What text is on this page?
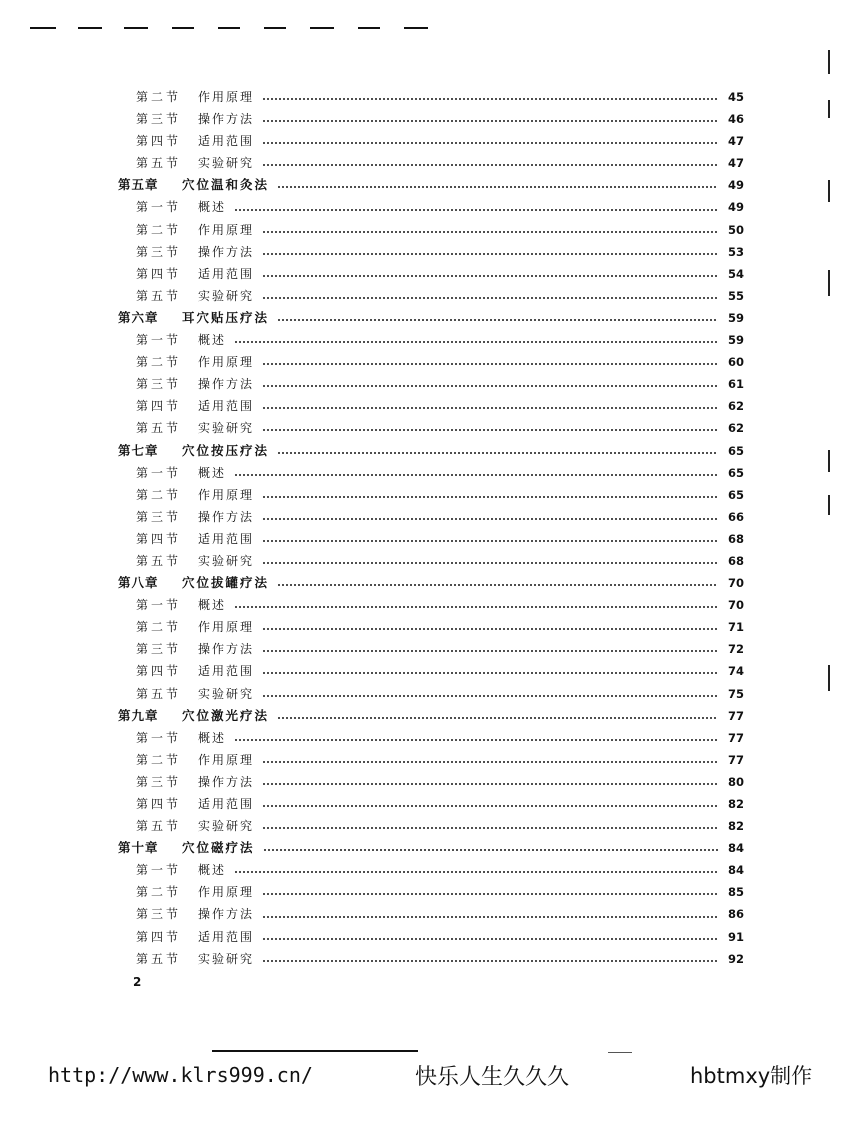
第二节	作用原理	45
第三节	操作方法	46
第四节	适用范围	47
第五节	实验研究	47
第五章	穴位温和灸法	49
第一节	概述	49
第二节	作用原理	50
第三节	操作方法	53
第四节	适用范围	54
第五节	实验研究	55
第六章	耳穴贴压疗法	59
第一节	概述	59
第二节	作用原理	60
第三节	操作方法	61
第四节	适用范围	62
第五节	实验研究	62
第七章	穴位按压疗法	65
第一节	概述	65
第二节	作用原理	65
第三节	操作方法	66
第四节	适用范围	68
第五节	实验研究	68
第八章	穴位拔罐疗法	70
第一节	概述	70
第二节	作用原理	71
第三节	操作方法	72
第四节	适用范围	74
第五节	实验研究	75
第九章	穴位激光疗法	77
第一节	概述	77
第二节	作用原理	77
第三节	操作方法	80
第四节	适用范围	82
第五节	实验研究	82
第十章	穴位磁疗法	84
第一节	概述	84
第二节	作用原理	85
第三节	操作方法	86
第四节	适用范围	91
第五节	实验研究	92
2
http://www.klrs999.cn/	快乐人生久久久	hbtmxy制作
